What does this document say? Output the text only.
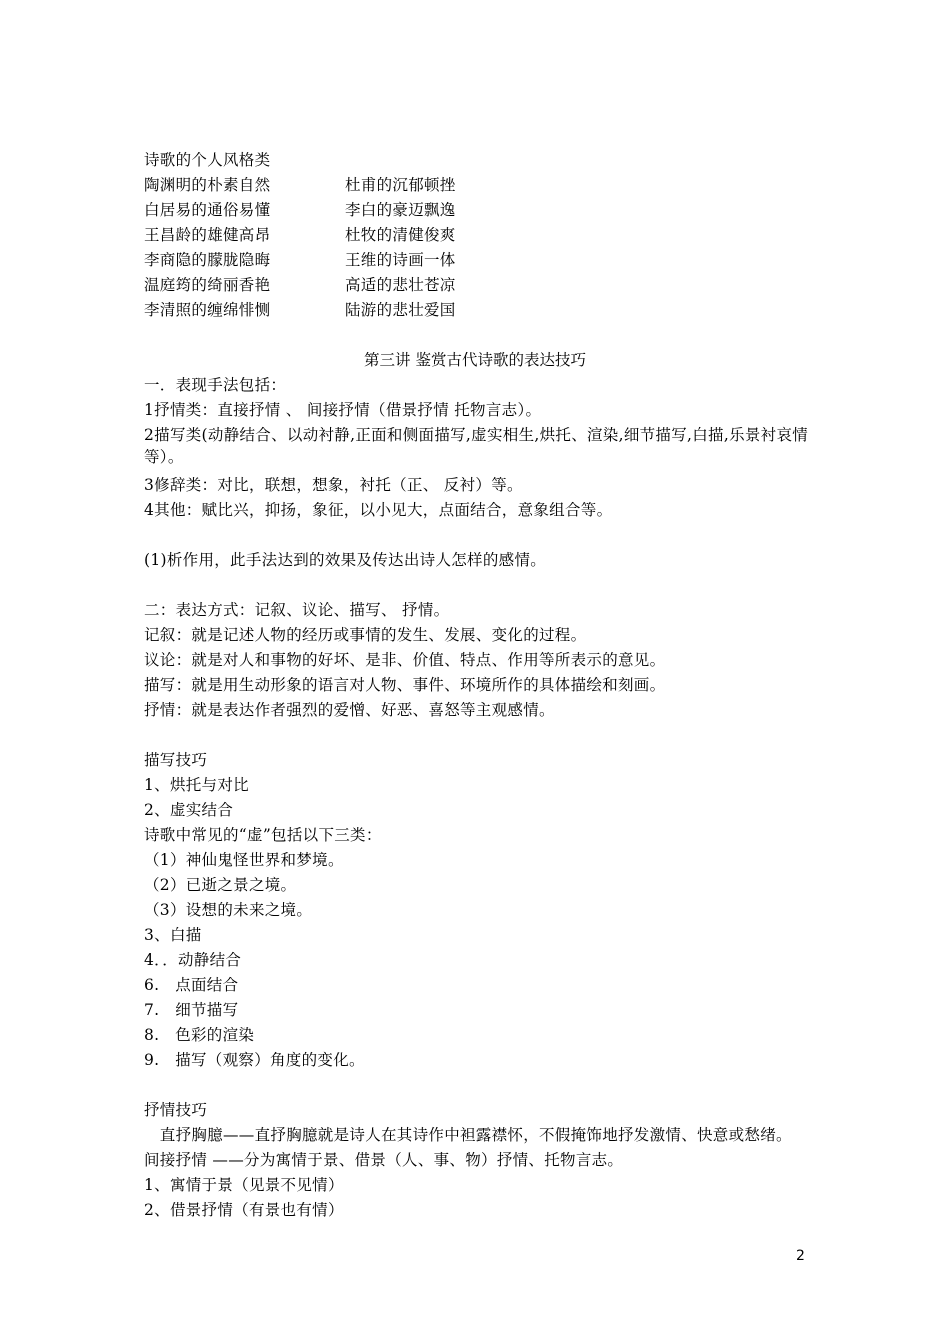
诗歌的个人风格类
陶渊明的朴素自然	杜甫的沉郁顿挫
白居易的通俗易懂	李白的豪迈飘逸
王昌龄的雄健高昂	杜牧的清健俊爽
李商隐的朦胧隐晦	王维的诗画一体
温庭筠的绮丽香艳	高适的悲壮苍凉
李清照的缠绵悱恻	陆游的悲壮爱国
第三讲 鉴赏古代诗歌的表达技巧
一．表现手法包括：
1抒情类：直接抒情 、 间接抒情（借景抒情 托物言志）。
2描写类(动静结合、以动衬静,正面和侧面描写,虚实相生,烘托、渲染,细节描写,白描,乐景衬哀情等）。
3修辞类：对比，联想，想象，衬托（正、 反衬）等。
4其他：赋比兴，抑扬，象征，以小见大，点面结合，意象组合等。
(1)析作用，此手法达到的效果及传达出诗人怎样的感情。
二：表达方式：记叙、议论、描写、 抒情。
记叙：就是记述人物的经历或事情的发生、发展、变化的过程。
议论：就是对人和事物的好坏、是非、价值、特点、作用等所表示的意见。
描写：就是用生动形象的语言对人物、事件、环境所作的具体描绘和刻画。
抒情：就是表达作者强烈的爱憎、好恶、喜怒等主观感情。
描写技巧
1、烘托与对比
2、虚实结合
诗歌中常见的“虚”包括以下三类：
（1）神仙鬼怪世界和梦境。
（2）已逝之景之境。
（3）设想的未来之境。
3、白描
4．．动静结合
6.　点面结合
7.　细节描写
8.　色彩的渲染
9.　描写（观察）角度的变化。
抒情技巧
　直抒胸臆——直抒胸臆就是诗人在其诗作中袒露襟怀，不假掩饰地抒发激情、快意或愁绪。
间接抒情 ——分为寓情于景、借景（人、事、物）抒情、托物言志。
1、寓情于景（见景不见情）
2、借景抒情（有景也有情）
2
